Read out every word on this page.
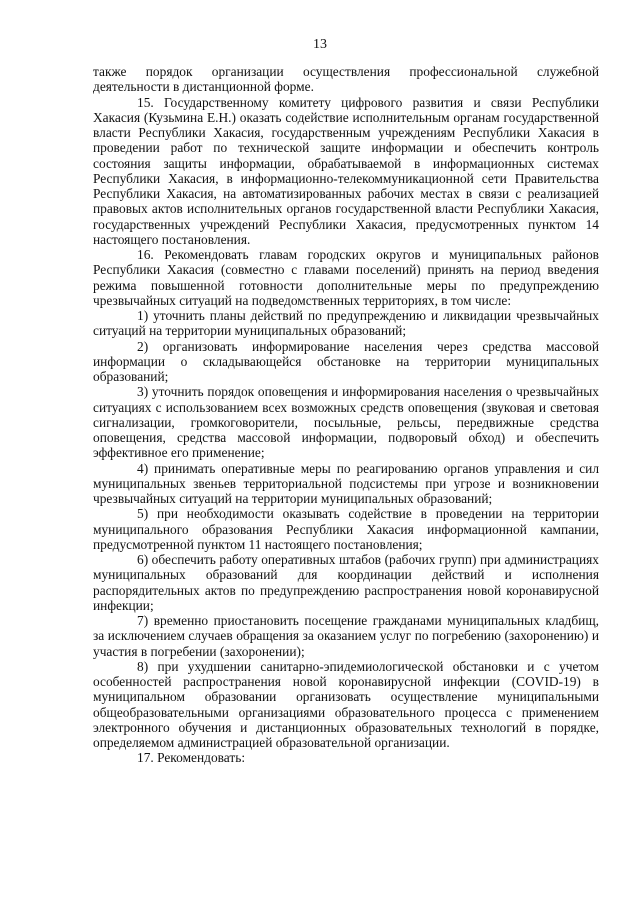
13

также порядок организации осуществления профессиональной служебной деятельности в дистанционной форме.

15. Государственному комитету цифрового развития и связи Республики Хакасия (Кузьмина Е.Н.) оказать содействие исполнительным органам государственной власти Республики Хакасия, государственным учреждениям Республики Хакасия в проведении работ по технической защите информации и обеспечить контроль состояния защиты информации, обрабатываемой в информационных системах Республики Хакасия, в информационно-телекоммуникационной сети Правительства Республики Хакасия, на автоматизированных рабочих местах в связи с реализацией правовых актов исполнительных органов государственной власти Республики Хакасия, государственных учреждений Республики Хакасия, предусмотренных пунктом 14 настоящего постановления.

16. Рекомендовать главам городских округов и муниципальных районов Республики Хакасия (совместно с главами поселений) принять на период введения режима повышенной готовности дополнительные меры по предупреждению чрезвычайных ситуаций на подведомственных территориях, в том числе:

1) уточнить планы действий по предупреждению и ликвидации чрезвычайных ситуаций на территории муниципальных образований;

2) организовать информирование населения через средства массовой информации о складывающейся обстановке на территории муниципальных образований;

3) уточнить порядок оповещения и информирования населения о чрезвычайных ситуациях с использованием всех возможных средств оповещения (звуковая и световая сигнализации, громкоговорители, посыльные, рельсы, передвижные средства оповещения, средства массовой информации, подворовый обход) и обеспечить эффективное его применение;

4) принимать оперативные меры по реагированию органов управления и сил муниципальных звеньев территориальной подсистемы при угрозе и возникновении чрезвычайных ситуаций на территории муниципальных образований;

5) при необходимости оказывать содействие в проведении на территории муниципального образования Республики Хакасия информационной кампании, предусмотренной пунктом 11 настоящего постановления;

6) обеспечить работу оперативных штабов (рабочих групп) при администрациях муниципальных образований для координации действий и исполнения распорядительных актов по предупреждению распространения новой коронавирусной инфекции;

7) временно приостановить посещение гражданами муниципальных кладбищ, за исключением случаев обращения за оказанием услуг по погребению (захоронению) и участия в погребении (захоронении);

8) при ухудшении санитарно-эпидемиологической обстановки и с учетом особенностей распространения новой коронавирусной инфекции (COVID-19) в муниципальном образовании организовать осуществление муниципальными общеобразовательными организациями образовательного процесса с применением электронного обучения и дистанционных образовательных технологий в порядке, определяемом администрацией образовательной организации.

17. Рекомендовать:
